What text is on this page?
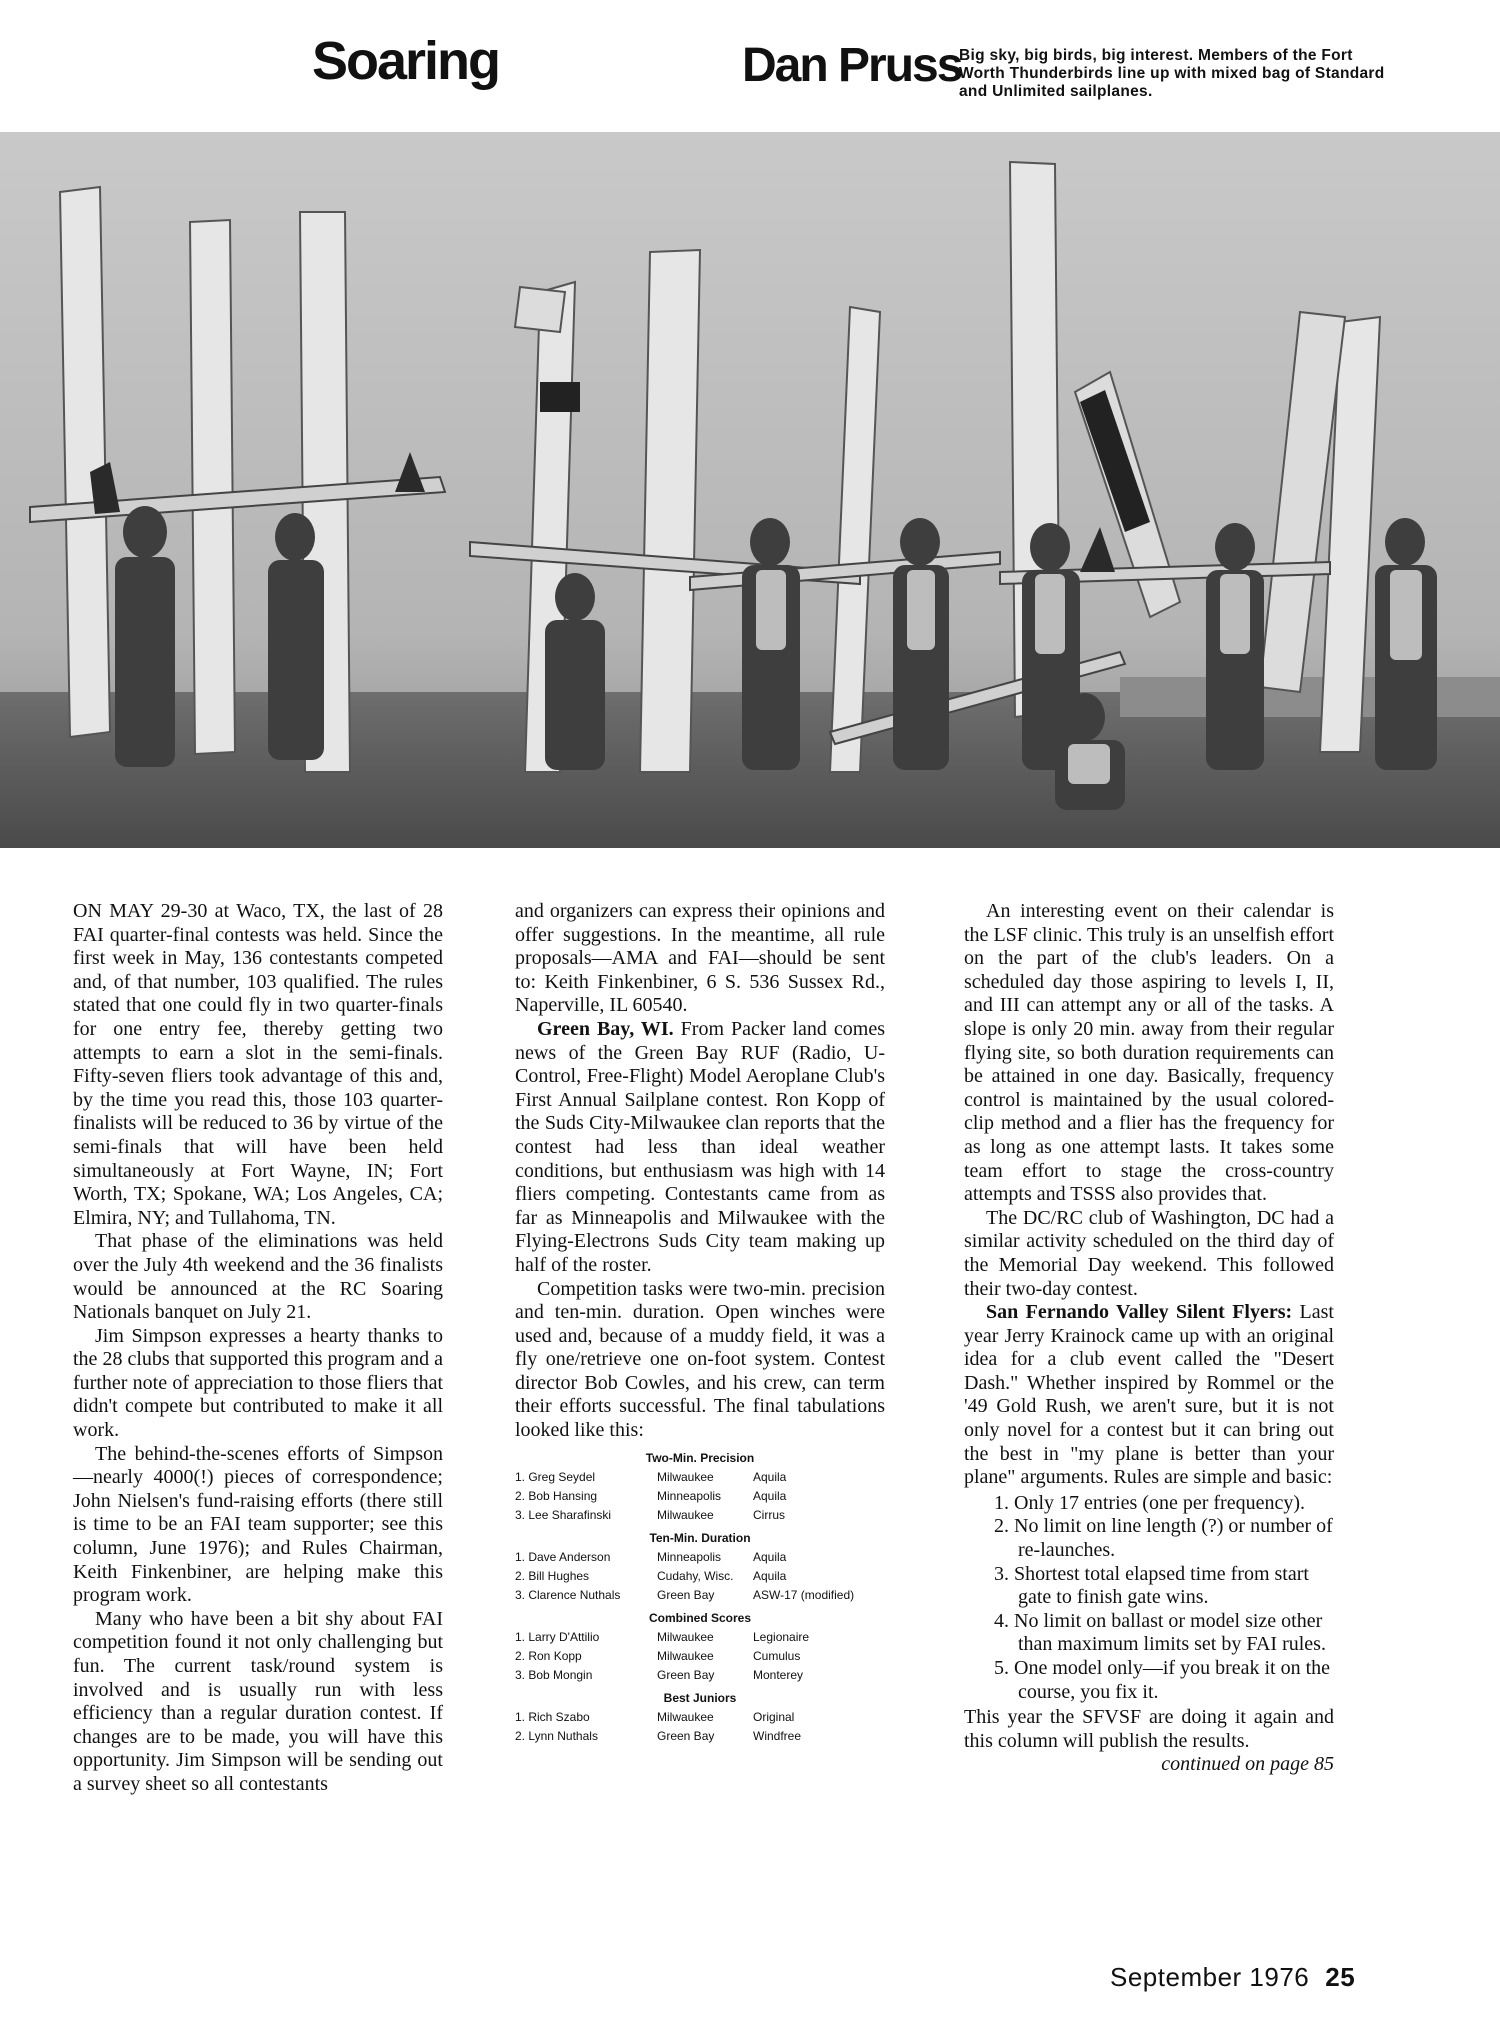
Soaring	Dan Pruss
Big sky, big birds, big interest. Members of the Fort Worth Thunderbirds line up with mixed bag of Standard and Unlimited sailplanes.

ON MAY 29-30 at Waco, TX, the last of 28 FAI quarter-final contests was held. Since the first week in May, 136 contestants competed and, of that number, 103 qualified. The rules stated that one could fly in two quarter-finals for one entry fee, thereby getting two attempts to earn a slot in the semi-finals. Fifty-seven fliers took advantage of this and, by the time you read this, those 103 quarter-finalists will be reduced to 36 by virtue of the semi-finals that will have been held simultaneously at Fort Wayne, IN; Fort Worth, TX; Spokane, WA; Los Angeles, CA; Elmira, NY; and Tullahoma, TN.

That phase of the eliminations was held over the July 4th weekend and the 36 finalists would be announced at the RC Soaring Nationals banquet on July 21.

Jim Simpson expresses a hearty thanks to the 28 clubs that supported this program and a further note of appreciation to those fliers that didn't compete but contributed to make it all work.

The behind-the-scenes efforts of Simpson—nearly 4000(!) pieces of correspondence; John Nielsen's fund-raising efforts (there still is time to be an FAI team supporter; see this column, June 1976); and Rules Chairman, Keith Finkenbiner, are helping make this program work.

Many who have been a bit shy about FAI competition found it not only challenging but fun. The current task/round system is involved and is usually run with less efficiency than a regular duration contest. If changes are to be made, you will have this opportunity. Jim Simpson will be sending out a survey sheet so all contestants

and organizers can express their opinions and offer suggestions. In the meantime, all rule proposals—AMA and FAI—should be sent to: Keith Finkenbiner, 6 S. 536 Sussex Rd., Naperville, IL 60540.

Green Bay, WI. From Packer land comes news of the Green Bay RUF (Radio, U-Control, Free-Flight) Model Aeroplane Club's First Annual Sailplane contest. Ron Kopp of the Suds City-Milwaukee clan reports that the contest had less than ideal weather conditions, but enthusiasm was high with 14 fliers competing. Contestants came from as far as Minneapolis and Milwaukee with the Flying-Electrons Suds City team making up half of the roster.

Competition tasks were two-min. precision and ten-min. duration. Open winches were used and, because of a muddy field, it was a fly one/retrieve one on-foot system. Contest director Bob Cowles, and his crew, can term their efforts successful. The final tabulations looked like this:

Two-Min. Precision
1. Greg Seydel	Milwaukee	Aquila
2. Bob Hansing	Minneapolis	Aquila
3. Lee Sharafinski	Milwaukee	Cirrus
Ten-Min. Duration
1. Dave Anderson	Minneapolis	Aquila
2. Bill Hughes	Cudahy, Wisc.	Aquila
3. Clarence Nuthals	Green Bay	ASW-17 (modified)
Combined Scores
1. Larry D'Attilio	Milwaukee	Legionaire
2. Ron Kopp	Milwaukee	Cumulus
3. Bob Mongin	Green Bay	Monterey
Best Juniors
1. Rich Szabo	Milwaukee	Original
2. Lynn Nuthals	Green Bay	Windfree

An interesting event on their calendar is the LSF clinic. This truly is an unselfish effort on the part of the club's leaders. On a scheduled day those aspiring to levels I, II, and III can attempt any or all of the tasks. A slope is only 20 min. away from their regular flying site, so both duration requirements can be attained in one day. Basically, frequency control is maintained by the usual colored-clip method and a flier has the frequency for as long as one attempt lasts. It takes some team effort to stage the cross-country attempts and TSSS also provides that.

The DC/RC club of Washington, DC had a similar activity scheduled on the third day of the Memorial Day weekend. This followed their two-day contest.

San Fernando Valley Silent Flyers: Last year Jerry Krainock came up with an original idea for a club event called the "Desert Dash." Whether inspired by Rommel or the '49 Gold Rush, we aren't sure, but it is not only novel for a contest but it can bring out the best in "my plane is better than your plane" arguments. Rules are simple and basic:

1. Only 17 entries (one per frequency).
2. No limit on line length (?) or number of re-launches.
3. Shortest total elapsed time from start gate to finish gate wins.
4. No limit on ballast or model size other than maximum limits set by FAI rules.
5. One model only—if you break it on the course, you fix it.

This year the SFVSF are doing it again and this column will publish the results.

continued on page 85

September 1976 25
